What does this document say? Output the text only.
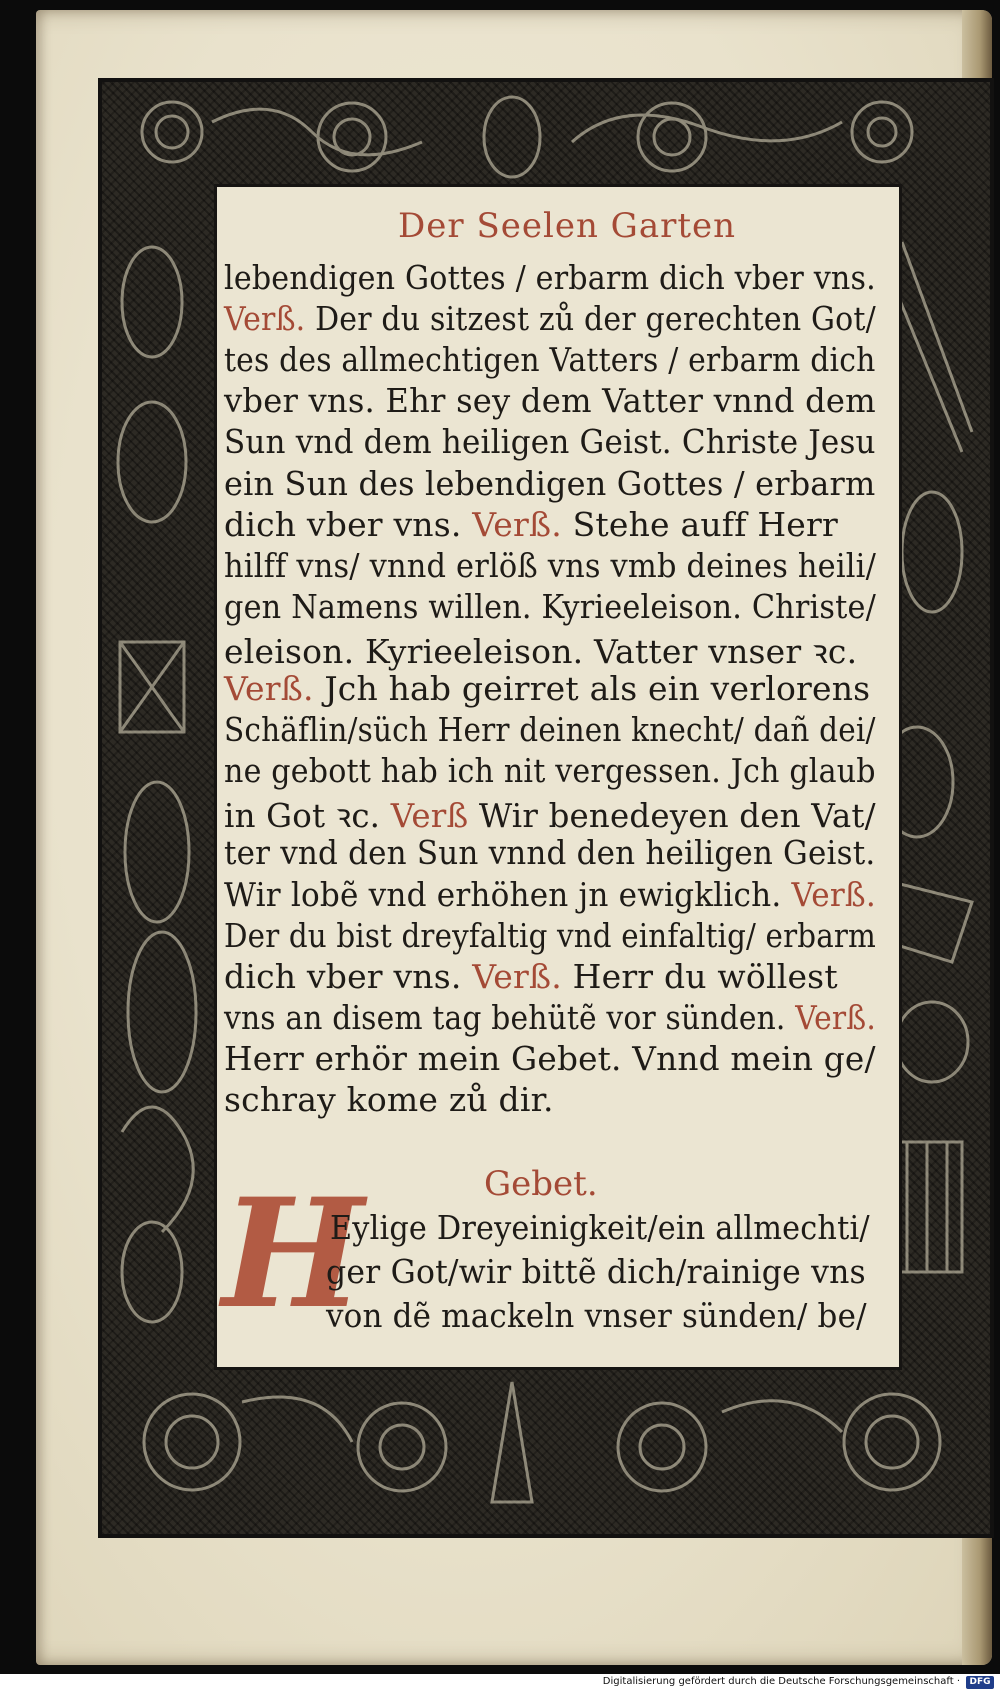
Der Seelen Garten
lebendigen Gottes / erbarm dich vber vns.
Verß. Der du sitzest zů der gerechten Got/
tes des allmechtigen Vatters / erbarm dich
vber vns. Ehr sey dem Vatter vnnd dem
Sun vnd dem heiligen Geist. Christe Jesu
ein Sun des lebendigen Gottes / erbarm
dich vber vns. Verß. Stehe auff Herr
hilff vns/ vnnd erlöß vns vmb deines heili/
gen Namens willen. Kyrieeleison. Christe/
eleison. Kyrieeleison. Vatter vnser ꝛc.
Verß. Jch hab geirret als ein verlorens
Schäflin/süch Herr deinen knecht/ dañ dei/
ne gebott hab ich nit vergessen. Jch glaub
in Got ꝛc. Verß Wir benedeyen den Vat/
ter vnd den Sun vnnd den heiligen Geist.
Wir lobẽ vnd erhöhen jn ewigklich. Verß.
Der du bist dreyfaltig vnd einfaltig/ erbarm
dich vber vns. Verß. Herr du wöllest
vns an disem tag behütẽ vor sünden. Verß.
Herr erhör mein Gebet. Vnnd mein ge/
schray kome zů dir.
Gebet.
H
Eylige Dreyeinigkeit/ein allmechti/
ger Got/wir bittẽ dich/rainige vns
von dẽ mackeln vnser sünden/ be/
Digitalisierung gefördert durch die Deutsche Forschungsgemeinschaft ·	DFG
